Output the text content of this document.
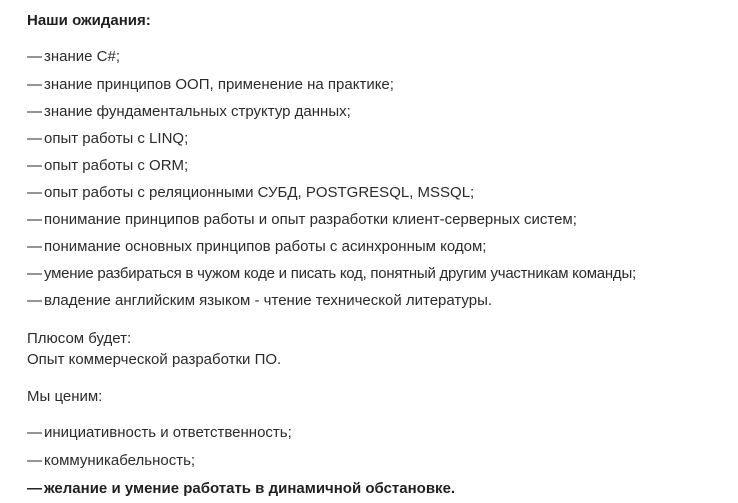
Наши ожидания:
— знание C#;
— знание принципов ООП, применение на практике;
— знание фундаментальных структур данных;
— опыт работы с LINQ;
— опыт работы с ORM;
— опыт работы с реляционными СУБД, POSTGRESQL, MSSQL;
— понимание принципов работы и опыт разработки клиент-серверных систем;
— понимание основных принципов работы с асинхронным кодом;
— умение разбираться в чужом коде и писать код, понятный другим участникам команды;
— владение английским языком - чтение технической литературы.
Плюсом будет:
Опыт коммерческой разработки ПО.
Мы ценим:
— инициативность и ответственность;
— коммуникабельность;
— желание и умение работать в динамичной обстановке.
